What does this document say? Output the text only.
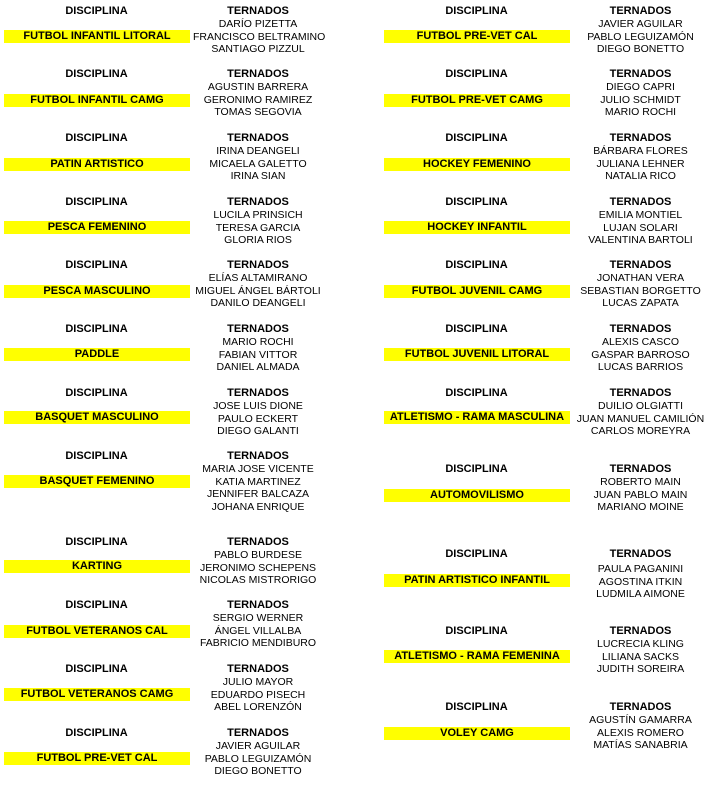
DISCIPLINA	TERNADOS
FUTBOL INFANTIL LITORAL
DARÍO PIZETTA
FRANCISCO BELTRAMINO
SANTIAGO PIZZUL
DISCIPLINA	TERNADOS
FUTBOL INFANTIL CAMG
AGUSTIN BARRERA
GERONIMO RAMIREZ
TOMAS SEGOVIA
DISCIPLINA	TERNADOS
PATIN ARTISTICO
IRINA DEANGELI
MICAELA GALETTO
IRINA SIAN
DISCIPLINA	TERNADOS
PESCA FEMENINO
LUCILA PRINSICH
TERESA GARCIA
GLORIA RIOS
DISCIPLINA	TERNADOS
PESCA MASCULINO
ELÍAS ALTAMIRANO
MIGUEL ÁNGEL BÁRTOLI
DANILO DEANGELI
DISCIPLINA	TERNADOS
PADDLE
MARIO ROCHI
FABIAN VITTOR
DANIEL ALMADA
DISCIPLINA	TERNADOS
BASQUET MASCULINO
JOSE LUIS DIONE
PAULO ECKERT
DIEGO GALANTI
DISCIPLINA	TERNADOS
BASQUET FEMENINO
MARIA JOSE VICENTE
KATIA MARTINEZ
JENNIFER BALCAZA
JOHANA ENRIQUE
DISCIPLINA	TERNADOS
KARTING
PABLO BURDESE
JERONIMO SCHEPENS
NICOLAS MISTRORIGO
DISCIPLINA	TERNADOS
FUTBOL VETERANOS CAL
SERGIO WERNER
ÁNGEL VILLALBA
FABRICIO MENDIBURO
DISCIPLINA	TERNADOS
FUTBOL VETERANOS CAMG
JULIO MAYOR
EDUARDO PISECH
ABEL LORENZÓN
DISCIPLINA	TERNADOS
FUTBOL PRE-VET CAL
JAVIER AGUILAR
PABLO LEGUIZAMÓN
DIEGO BONETTO
DISCIPLINA	TERNADOS
FUTBOL PRE-VET CAL
JAVIER AGUILAR
PABLO LEGUIZAMÓN
DIEGO BONETTO
DISCIPLINA	TERNADOS
FUTBOL PRE-VET CAMG
DIEGO CAPRI
JULIO SCHMIDT
MARIO ROCHI
DISCIPLINA	TERNADOS
HOCKEY FEMENINO
BÁRBARA FLORES
JULIANA LEHNER
NATALIA RICO
DISCIPLINA	TERNADOS
HOCKEY INFANTIL
EMILIA MONTIEL
LUJAN SOLARI
VALENTINA BARTOLI
DISCIPLINA	TERNADOS
FUTBOL JUVENIL CAMG
JONATHAN VERA
SEBASTIAN BORGETTO
LUCAS ZAPATA
DISCIPLINA	TERNADOS
FUTBOL JUVENIL LITORAL
ALEXIS CASCO
GASPAR BARROSO
LUCAS BARRIOS
DISCIPLINA	TERNADOS
ATLETISMO - RAMA MASCULINA
DUILIO OLGIATTI
JUAN MANUEL CAMILIÓN
CARLOS MOREYRA
DISCIPLINA	TERNADOS
AUTOMOVILISMO
ROBERTO MAIN
JUAN PABLO MAIN
MARIANO MOINE
DISCIPLINA	TERNADOS
PATIN ARTISTICO INFANTIL
PAULA PAGANINI
AGOSTINA ITKIN
LUDMILA AIMONE
DISCIPLINA	TERNADOS
ATLETISMO - RAMA FEMENINA
LUCRECIA KLING
LILIANA SACKS
JUDITH SOREIRA
DISCIPLINA	TERNADOS
VOLEY CAMG
AGUSTÍN GAMARRA
ALEXIS ROMERO
MATÍAS SANABRIA
